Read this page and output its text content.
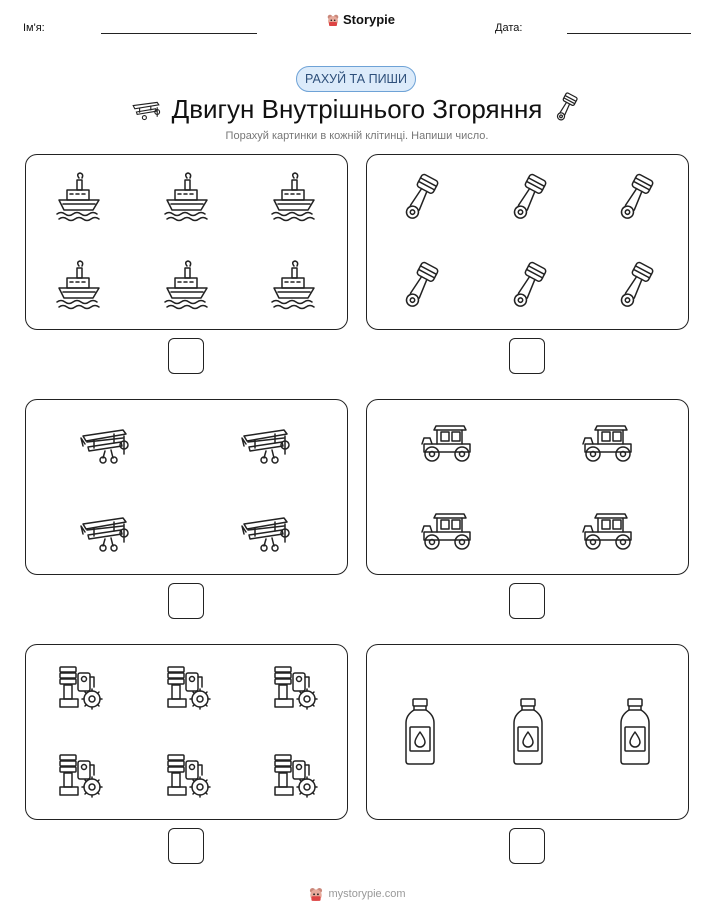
Ім'я:
Storypie
Дата:
РАХУЙ ТА ПИШИ
Двигун Внутрішнього Згоряння
Порахуй картинки в кожній клітинці. Напиши число.
mystorypie.com
